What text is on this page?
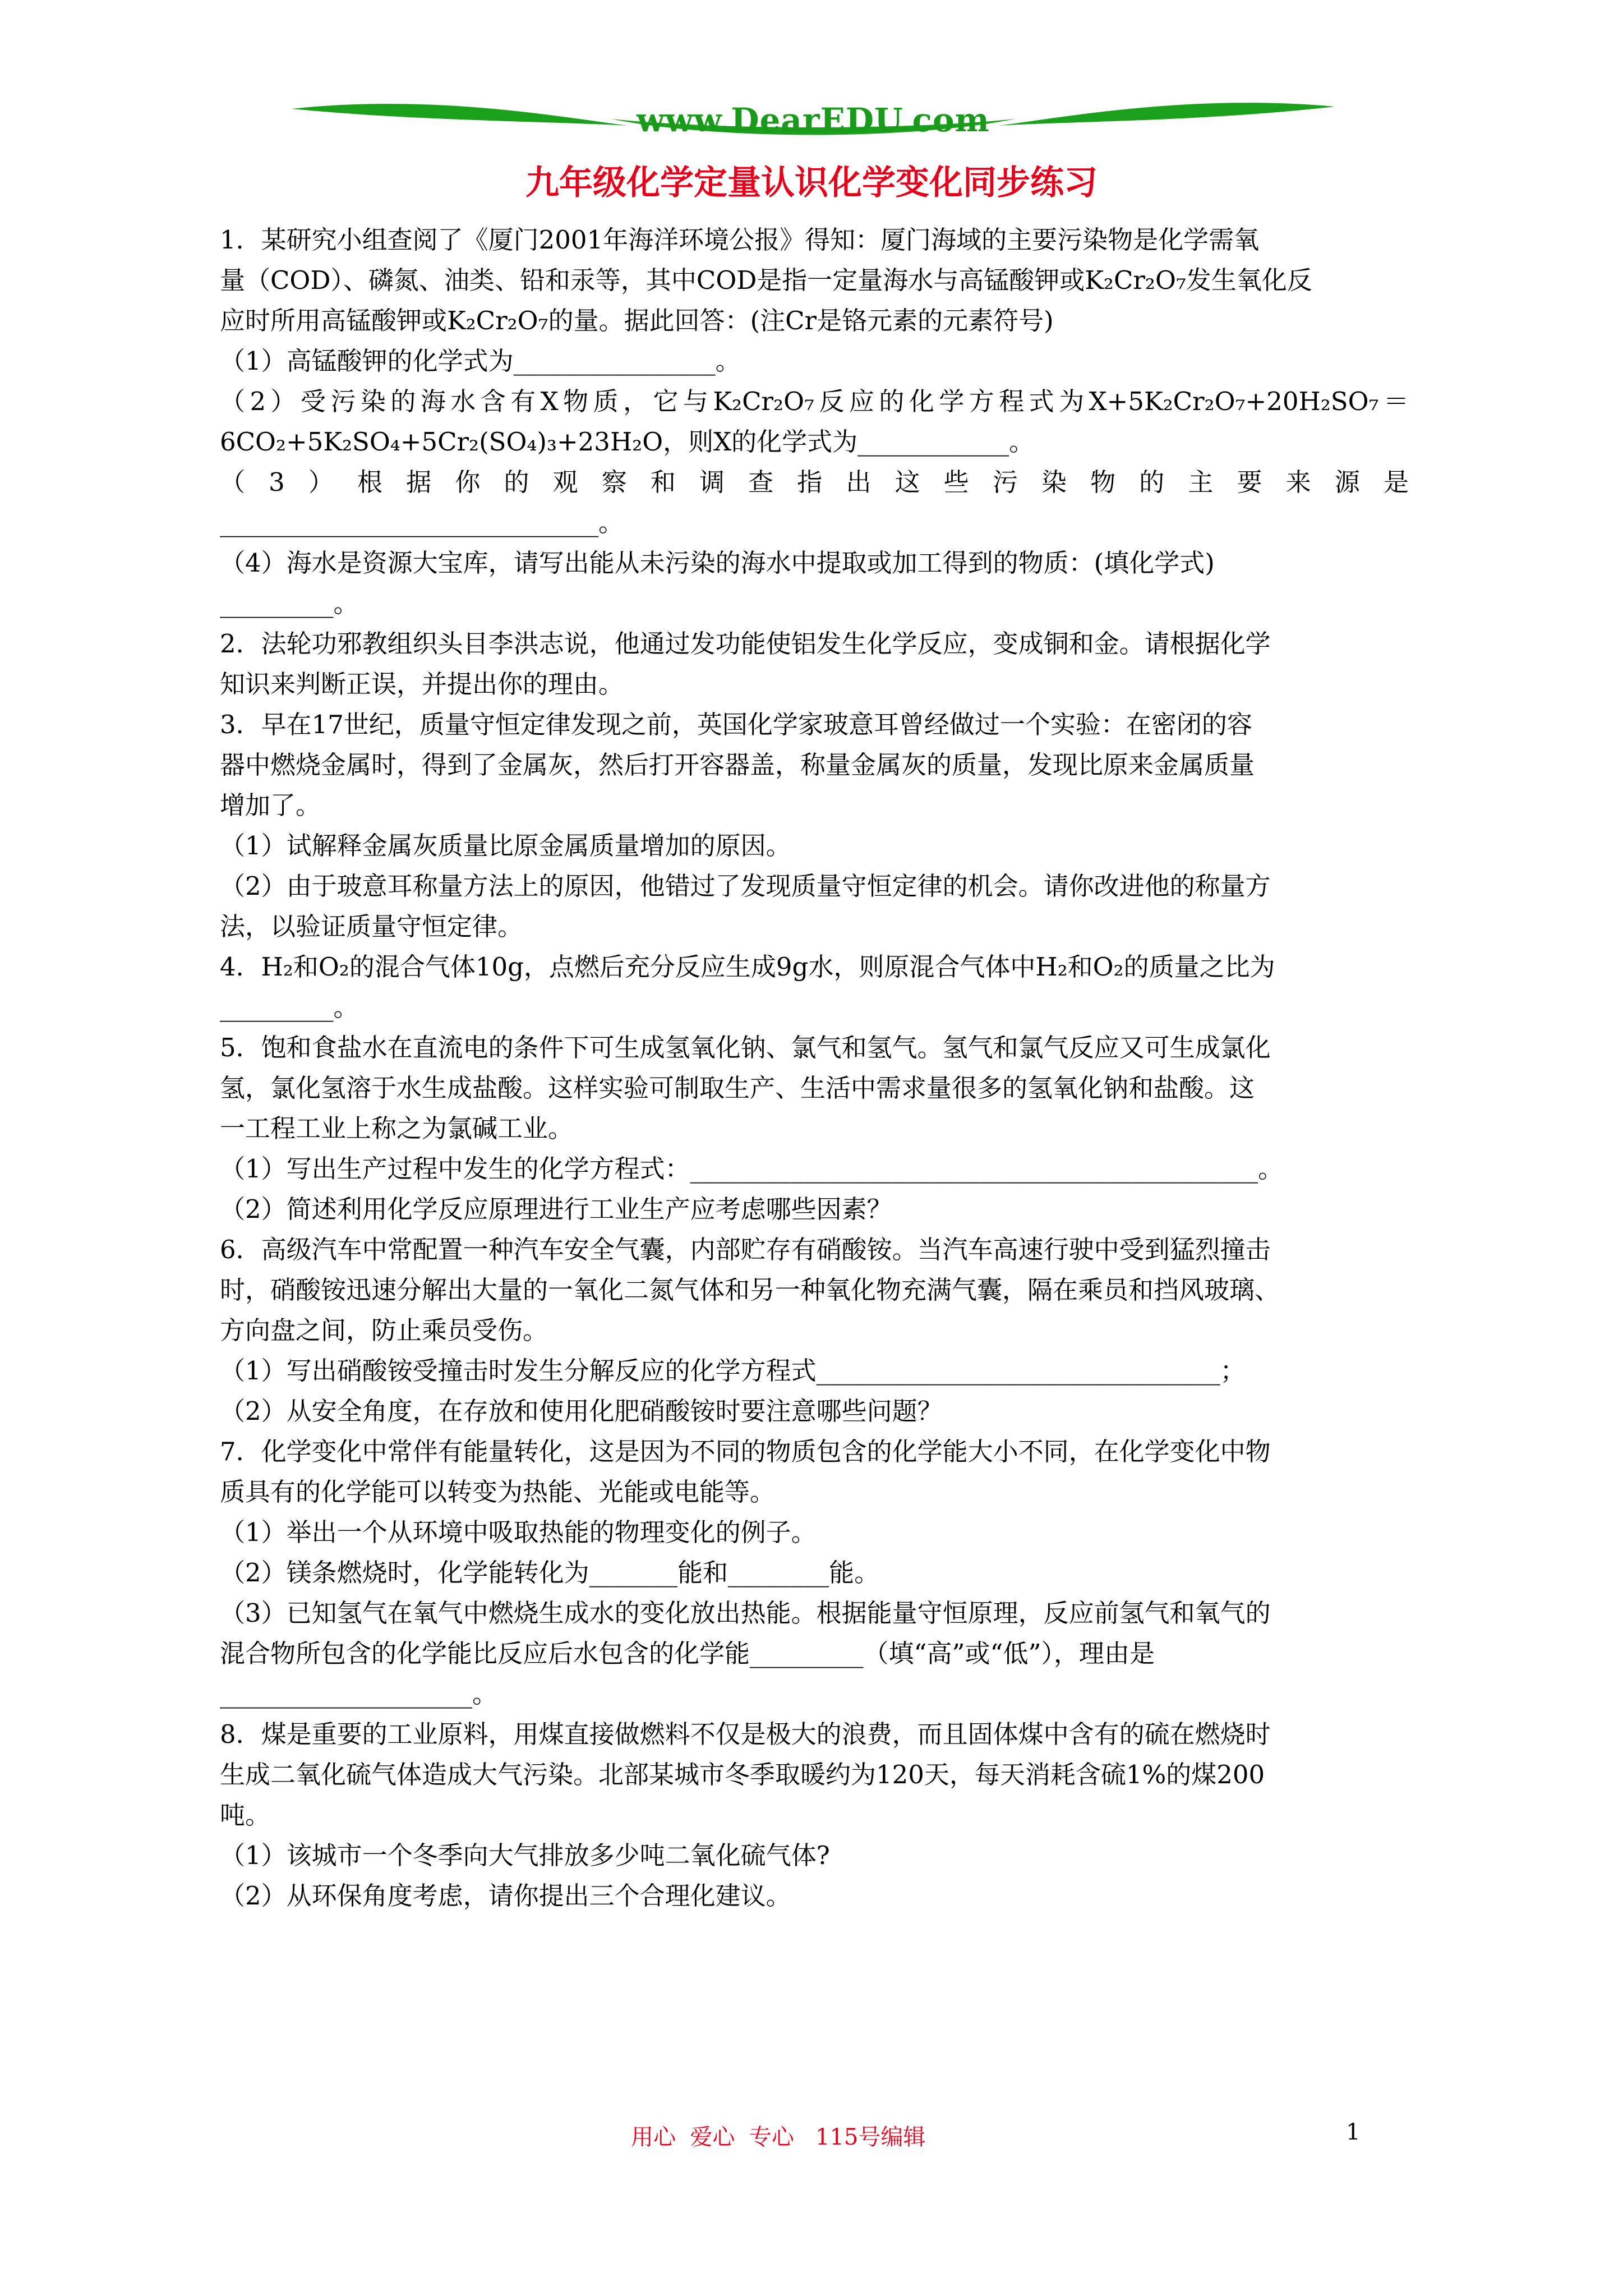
www.DearEDU.com
九年级化学定量认识化学变化同步练习

1．某研究小组查阅了《厦门2001年海洋环境公报》得知：厦门海域的主要污染物是化学需氧

量（COD）、磷氮、油类、铅和汞等，其中COD是指一定量海水与高锰酸钾或K₂Cr₂O₇发生氧化反

应时所用高锰酸钾或K₂Cr₂O₇的量。据此回答：(注Cr是铬元素的元素符号)

（1）高锰酸钾的化学式为________________。

（2）受污染的海水含有X物质，它与K₂Cr₂O₇反应的化学方程式为X+5K₂Cr₂O₇+20H₂SO₇＝

6CO₂+5K₂SO₄+5Cr₂(SO₄)₃+23H₂O，则X的化学式为____________。

（3）根据你的观察和调查指出这些污染物的主要来源是

______________________________。

（4）海水是资源大宝库，请写出能从未污染的海水中提取或加工得到的物质：(填化学式)

_________。

2．法轮功邪教组织头目李洪志说，他通过发功能使铝发生化学反应，变成铜和金。请根据化学

知识来判断正误，并提出你的理由。

3．早在17世纪，质量守恒定律发现之前，英国化学家玻意耳曾经做过一个实验：在密闭的容

器中燃烧金属时，得到了金属灰，然后打开容器盖，称量金属灰的质量，发现比原来金属质量

增加了。

（1）试解释金属灰质量比原金属质量增加的原因。

（2）由于玻意耳称量方法上的原因，他错过了发现质量守恒定律的机会。请你改进他的称量方

法，以验证质量守恒定律。

4．H₂和O₂的混合气体10g，点燃后充分反应生成9g水，则原混合气体中H₂和O₂的质量之比为

_________。

5．饱和食盐水在直流电的条件下可生成氢氧化钠、氯气和氢气。氢气和氯气反应又可生成氯化

氢，氯化氢溶于水生成盐酸。这样实验可制取生产、生活中需求量很多的氢氧化钠和盐酸。这

一工程工业上称之为氯碱工业。

（1）写出生产过程中发生的化学方程式：_____________________________________________。

（2）简述利用化学反应原理进行工业生产应考虑哪些因素？

6．高级汽车中常配置一种汽车安全气囊，内部贮存有硝酸铵。当汽车高速行驶中受到猛烈撞击

时，硝酸铵迅速分解出大量的一氧化二氮气体和另一种氧化物充满气囊，隔在乘员和挡风玻璃、

方向盘之间，防止乘员受伤。

（1）写出硝酸铵受撞击时发生分解反应的化学方程式________________________________；

（2）从安全角度，在存放和使用化肥硝酸铵时要注意哪些问题？

7．化学变化中常伴有能量转化，这是因为不同的物质包含的化学能大小不同，在化学变化中物

质具有的化学能可以转变为热能、光能或电能等。

（1）举出一个从环境中吸取热能的物理变化的例子。

（2）镁条燃烧时，化学能转化为_______能和________能。

（3）已知氢气在氧气中燃烧生成水的变化放出热能。根据能量守恒原理，反应前氢气和氧气的

混合物所包含的化学能比反应后水包含的化学能_________（填“高”或“低”），理由是

____________________。

8．煤是重要的工业原料，用煤直接做燃料不仅是极大的浪费，而且固体煤中含有的硫在燃烧时

生成二氧化硫气体造成大气污染。北部某城市冬季取暖约为120天，每天消耗含硫1%的煤200

吨。

（1）该城市一个冬季向大气排放多少吨二氧化硫气体?

（2）从环保角度考虑，请你提出三个合理化建议。

用心  爱心  专心   115号编辑	1
